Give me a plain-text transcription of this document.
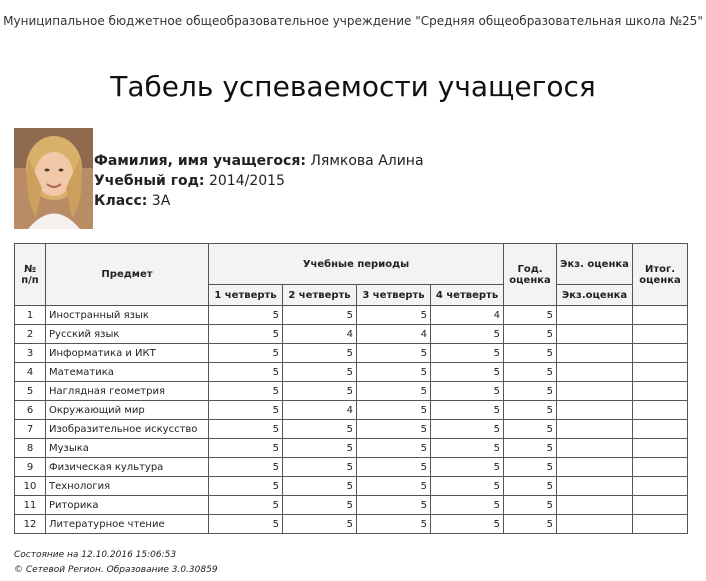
Муниципальное бюджетное общеобразовательное учреждение "Средняя общеобразовательная школа №25"
Табель успеваемости учащегося
Фамилия, имя учащегося: Лямкова Алина
Учебный год: 2014/2015
Класс: 3А
№ п/п	Предмет	Учебные периоды				Год. оценка	Экз. оценка	Итог. оценка
		1 четверть	2 четверть	3 четверть	4 четверть		Экз.оценка	
1	Иностранный язык	5	5	5	4	5		
2	Русский язык	5	4	4	5	5		
3	Информатика и ИКТ	5	5	5	5	5		
4	Математика	5	5	5	5	5		
5	Наглядная геометрия	5	5	5	5	5		
6	Окружающий мир	5	4	5	5	5		
7	Изобразительное искусство	5	5	5	5	5		
8	Музыка	5	5	5	5	5		
9	Физическая культура	5	5	5	5	5		
10	Технология	5	5	5	5	5		
11	Риторика	5	5	5	5	5		
12	Литературное чтение	5	5	5	5	5		
Состояние на 12.10.2016 15:06:53
© Сетевой Регион. Образование 3.0.30859
